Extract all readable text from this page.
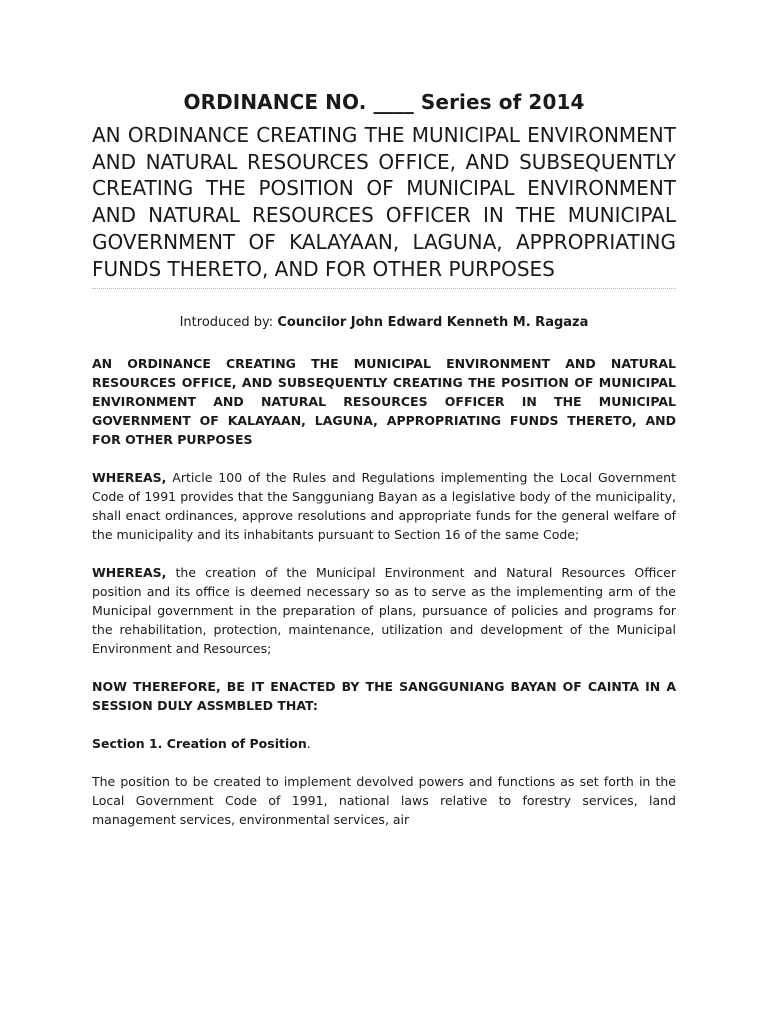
ORDINANCE NO. ____ Series of 2014
AN ORDINANCE CREATING THE MUNICIPAL ENVIRONMENT AND NATURAL RESOURCES OFFICE, AND SUBSEQUENTLY CREATING THE POSITION OF MUNICIPAL ENVIRONMENT AND NATURAL RESOURCES OFFICER IN THE MUNICIPAL GOVERNMENT OF KALAYAAN, LAGUNA, APPROPRIATING FUNDS THERETO, AND FOR OTHER PURPOSES

Introduced by: Councilor John Edward Kenneth M. Ragaza

AN ORDINANCE CREATING THE MUNICIPAL ENVIRONMENT AND NATURAL RESOURCES OFFICE, AND SUBSEQUENTLY CREATING THE POSITION OF MUNICIPAL ENVIRONMENT AND NATURAL RESOURCES OFFICER IN THE MUNICIPAL GOVERNMENT OF KALAYAAN, LAGUNA, APPROPRIATING FUNDS THERETO, AND FOR OTHER PURPOSES

WHEREAS, Article 100 of the Rules and Regulations implementing the Local Government Code of 1991 provides that the Sangguniang Bayan as a legislative body of the municipality, shall enact ordinances, approve resolutions and appropriate funds for the general welfare of the municipality and its inhabitants pursuant to Section 16 of the same Code;

WHEREAS, the creation of the Municipal Environment and Natural Resources Officer position and its office is deemed necessary so as to serve as the implementing arm of the Municipal government in the preparation of plans, pursuance of policies and programs for the rehabilitation, protection, maintenance, utilization and development of the Municipal Environment and Resources;

NOW THEREFORE, BE IT ENACTED BY THE SANGGUNIANG BAYAN OF CAINTA IN A SESSION DULY ASSMBLED THAT:

Section 1. Creation of Position.

The position to be created to implement devolved powers and functions as set forth in the Local Government Code of 1991, national laws relative to forestry services, land management services, environmental services, air
